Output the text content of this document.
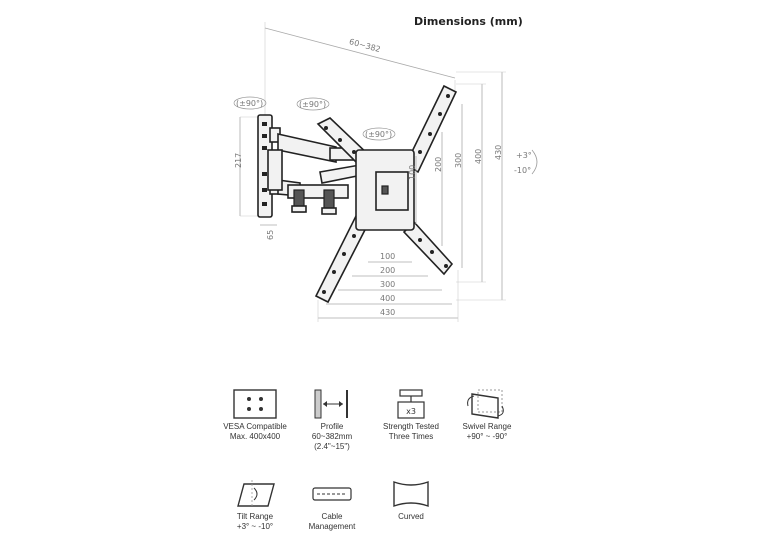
Dimensions (mm)
60~382
(±90°)	(±90°)
(±90°)
217
65
100
200 300 400 430 +3°
-10°
100
200
300
400
430
VESA Compatible
Max. 400x400
Profile
60~382mm
(2.4"~15")
x3
Strength Tested
Three Times
Swivel Range
+90° ~ -90°
Tilt Range
+3° ~ -10°
Cable
Management
Curved
